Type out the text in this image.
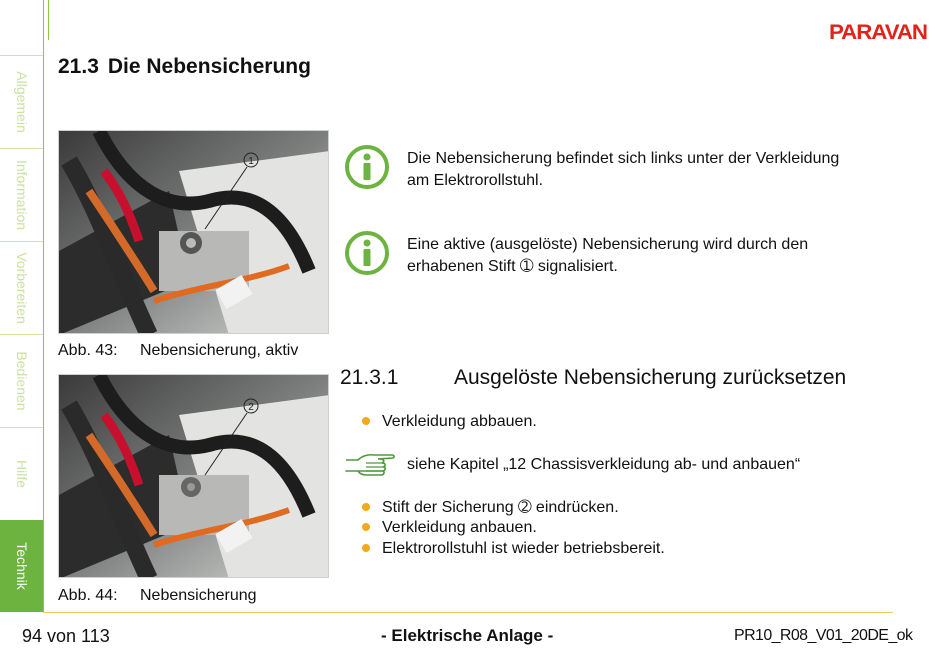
Allgemein
Information
Vorbereiten
Bedienen
Hilfe
Technik
PARAVAN
21.3 Die Nebensicherung
1
Abb. 43: Nebensicherung, aktiv
2
Abb. 44: Nebensicherung
Die Nebensicherung befindet sich links unter der Verkleidung
am Elektrorollstuhl.
Eine aktive (ausgelöste) Nebensicherung wird durch den
erhabenen Stift ➀ signalisiert.
21.3.1	Ausgelöste Nebensicherung zurücksetzen
Verkleidung abbauen.
siehe Kapitel „12 Chassisverkleidung ab- und anbauen“
Stift der Sicherung ➁ eindrücken.
Verkleidung anbauen.
Elektrorollstuhl ist wieder betriebsbereit.
94 von 113	- Elektrische Anlage -	PR10_R08_V01_20DE_ok
